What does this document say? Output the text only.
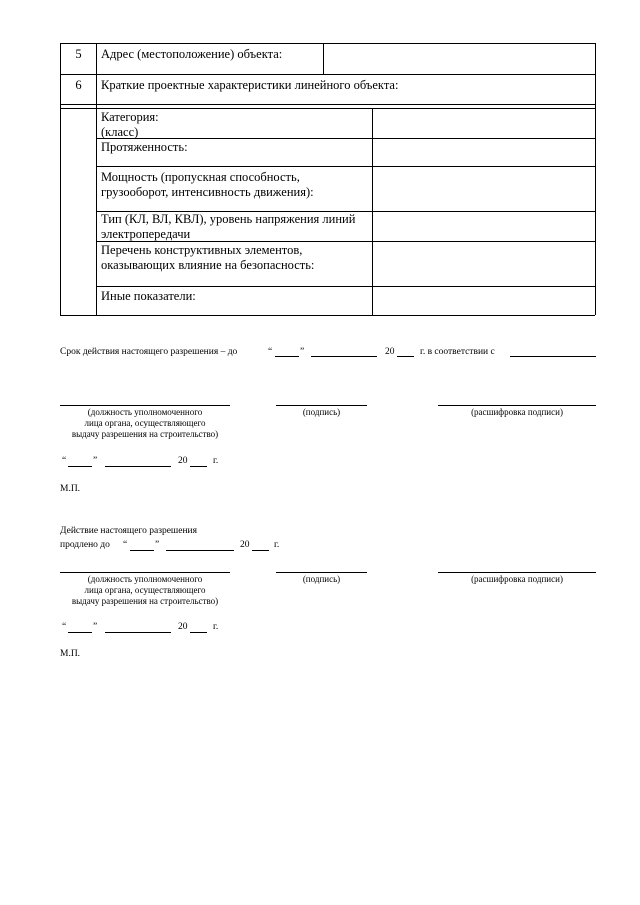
5	Адрес (местоположение) объекта:
6	Краткие проектные характеристики линейного объекта:
Категория:
(класс)
Протяженность:
Мощность (пропускная способность,
грузооборот, интенсивность движения):
Тип (КЛ, ВЛ, КВЛ), уровень напряжения линий
электропередачи
Перечень конструктивных элементов,
оказывающих влияние на безопасность:
Иные показатели:
Срок действия настоящего разрешения – до	“	”	20	г. в соответствии с
(должность уполномоченного
лица органа, осуществляющего
выдачу разрешения на строительство)
(подпись)	(расшифровка подписи)
“	”	20	г.
М.П.
Действие настоящего разрешения
продлено до “	”	20	г.
(должность уполномоченного
лица органа, осуществляющего
выдачу разрешения на строительство)
(подпись)	(расшифровка подписи)
“	”	20	г.
М.П.
